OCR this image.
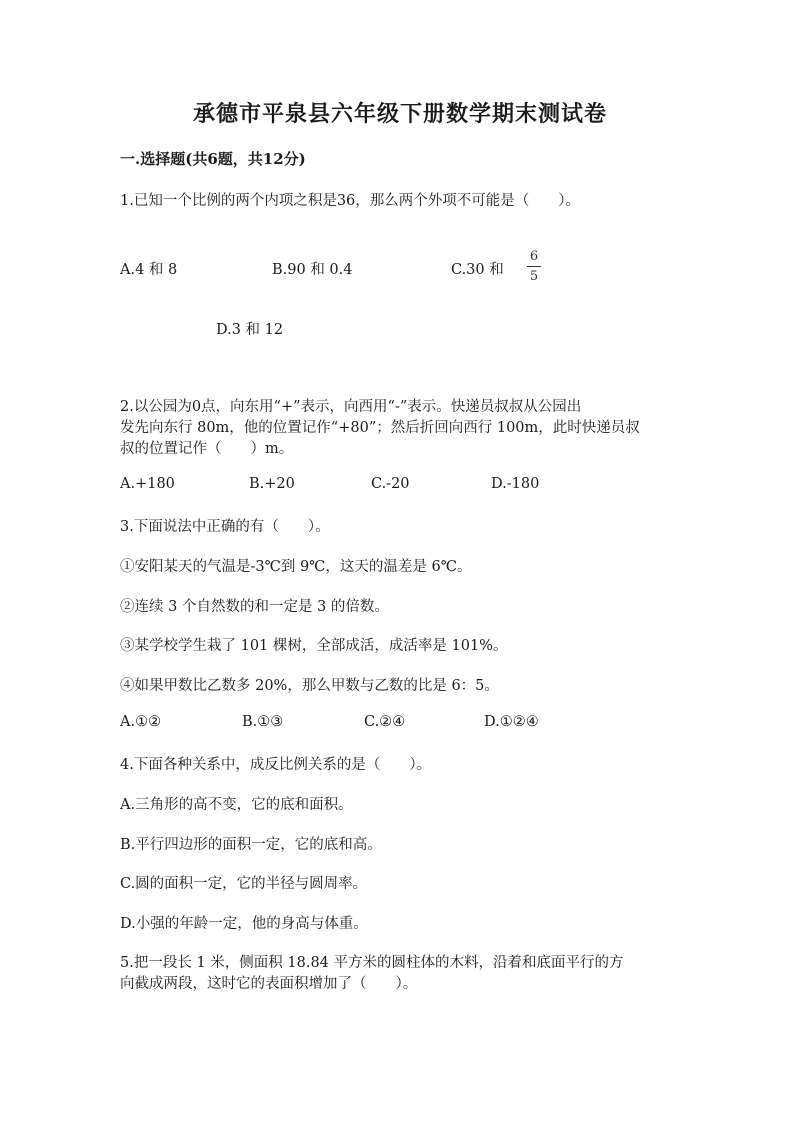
承德市平泉县六年级下册数学期末测试卷
一.选择题(共6题，共12分)
1.已知一个比例的两个内项之积是36，那么两个外项不可能是（　　）。
A.4 和 8	B.90 和 0.4	C.30 和
6
5
D.3 和 12
2.以公园为0点，向东用“+”表示，向西用“-”表示。快递员叔叔从公园出
发先向东行 80m，他的位置记作“+80”；然后折回向西行 100m，此时快递员叔
叔的位置记作（　　）m。
A.+180	B.+20	C.-20	D.-180
3.下面说法中正确的有（　　）。
①安阳某天的气温是-3℃到 9℃，这天的温差是 6℃。
②连续 3 个自然数的和一定是 3 的倍数。
③某学校学生栽了 101 棵树，全部成活，成活率是 101%。
④如果甲数比乙数多 20%，那么甲数与乙数的比是 6：5。
A.①②	B.①③	C.②④	D.①②④
4.下面各种关系中，成反比例关系的是（　　）。
A.三角形的高不变，它的底和面积。
B.平行四边形的面积一定，它的底和高。
C.圆的面积一定，它的半径与圆周率。
D.小强的年龄一定，他的身高与体重。
5.把一段长 1 米，侧面积 18.84 平方米的圆柱体的木料，沿着和底面平行的方
向截成两段，这时它的表面积增加了（　　）。
